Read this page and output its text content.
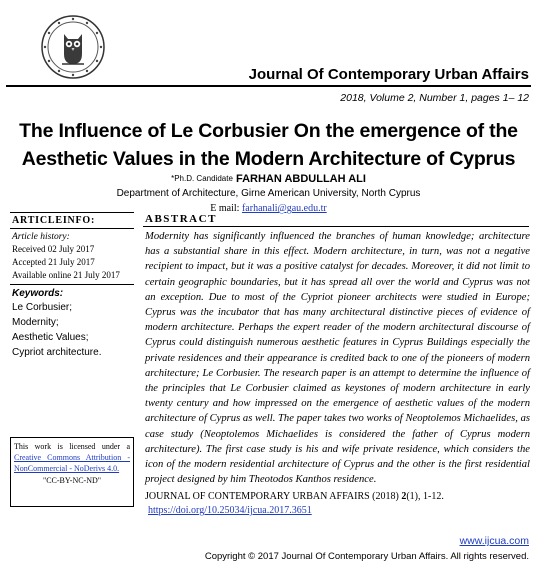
Journal Of Contemporary Urban Affairs
2018, Volume 2, Number 1, pages 1– 12
The Influence of Le Corbusier On the emergence of the
Aesthetic Values in the Modern Architecture of Cyprus
*Ph.D. Candidate FARHAN ABDULLAH ALI
Department of Architecture, Girne American University, North Cyprus
E mail: farhanali@gau.edu.tr
ARTICLEINFO:
Article history:
Received 02 July 2017
Accepted 21 July 2017
Available online 21 July 2017
Keywords:
Le Corbusier;
Modernity;
Aesthetic Values;
Cypriot architecture.
This work is licensed under a Creative Commons Attribution - NonCommercial - NoDerivs 4.0.
"CC-BY-NC-ND"
ABSTRACT
Modernity has significantly influenced the branches of human knowledge; architecture has a substantial share in this effect. Modern architecture, in turn, was not a negative recipient to impact, but it was a positive catalyst for decades. Moreover, it did not limit to certain geographic boundaries, but it has spread all over the world and Cyprus was not an exception. Due to most of the Cypriot pioneer architects were studied in Europe; Cyprus was the incubator that has many architectural distinctive pieces of evidence of modern architecture. Perhaps the expert reader of the modern architectural discourse of Cyprus could distinguish numerous aesthetic features in Cyprus Buildings especially the private residences and their appearance is credited back to one of the pioneers of modern architecture; Le Corbusier. The research paper is an attempt to determine the influence of the principles that Le Corbusier claimed as keystones of modern architecture in early twenty century and how impressed on the emergence of aesthetic values of the modern architecture of Cyprus as well. The paper takes two works of Neoptolemos Michaelides, as case study (Neoptolemos Michaelides is considered the father of Cyprus modern architecture). The first case study is his and wife private residence, which considers the icon of the modern residential architecture of Cyprus and the other is the first residential project designed by him Theotodos Kanthos residence.
JOURNAL OF CONTEMPORARY URBAN AFFAIRS (2018) 2(1), 1-12.
https://doi.org/10.25034/ijcua.2017.3651
www.ijcua.com
Copyright © 2017 Journal Of Contemporary Urban Affairs. All rights reserved.
